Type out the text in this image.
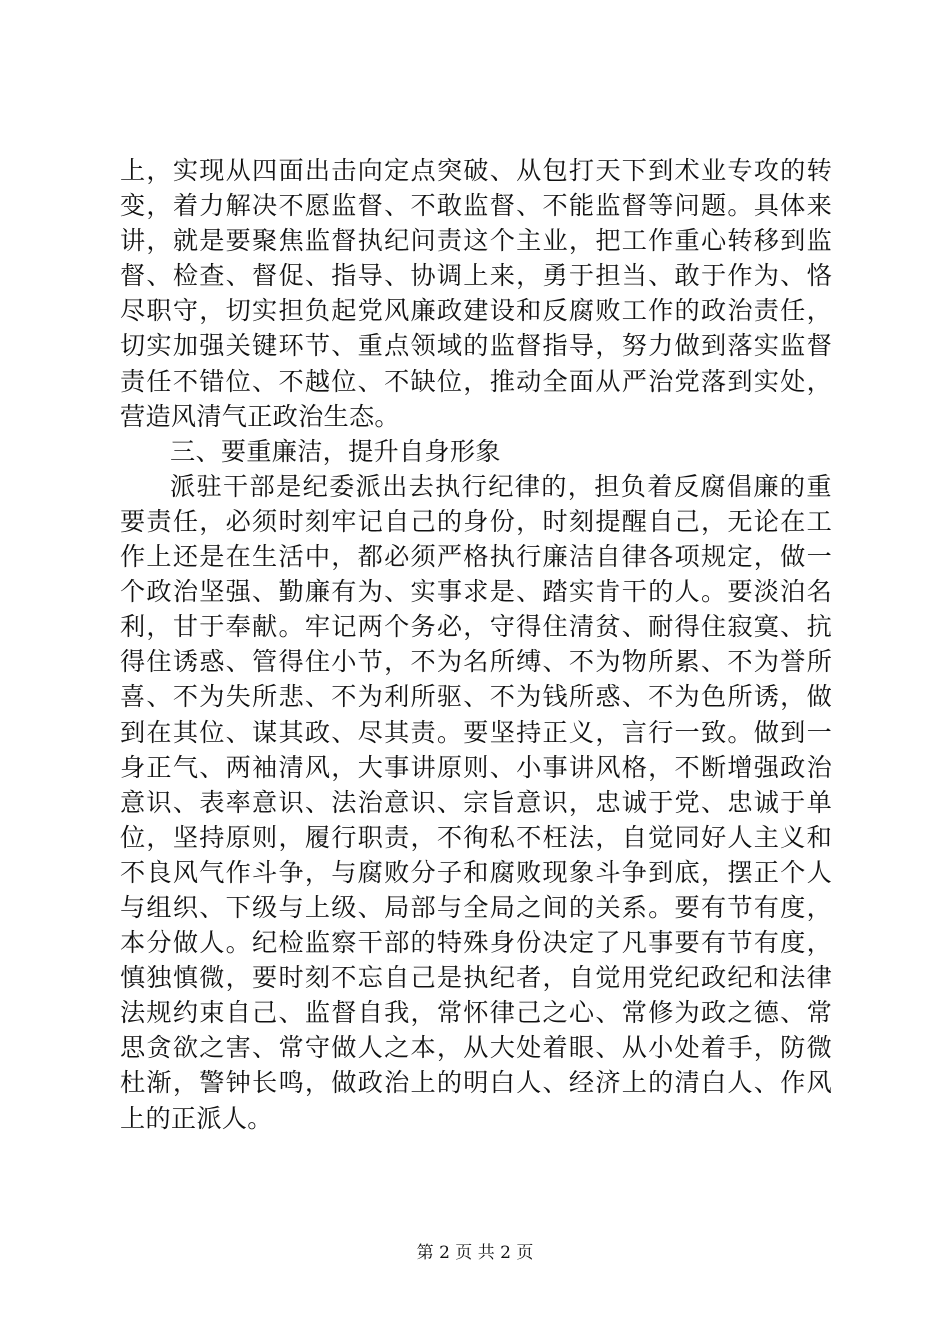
上 ， 实 现 从 四 面 出 击 向 定 点 突 破 、 从 包 打 天 下 到 术 业 专 攻 的 转
变 ， 着 力 解 决 不 愿 监 督 、 不 敢 监 督 、 不 能 监 督 等 问 题 。 具 体 来
讲 ， 就 是 要 聚 焦 监 督 执 纪 问 责 这 个 主 业 ， 把 工 作 重 心 转 移 到 监
督 、 检 查 、 督 促 、 指 导 、 协 调 上 来 ， 勇 于 担 当 、 敢 于 作 为 、 恪
尽 职 守 ， 切 实 担 负 起 党 风 廉 政 建 设 和 反 腐 败 工 作 的 政 治 责 任 ，
切 实 加 强 关 键 环 节 、 重 点 领 域 的 监 督 指 导 ， 努 力 做 到 落 实 监 督
责 任 不 错 位 、 不 越 位 、 不 缺 位 ， 推 动 全 面 从 严 治 党 落 到 实 处 ，
营造风清气正政治生态。
三、要重廉洁，提升自身形象
派 驻 干 部 是 纪 委 派 出 去 执 行 纪 律 的 ， 担 负 着 反 腐 倡 廉 的 重
要 责 任 ， 必 须 时 刻 牢 记 自 己 的 身 份 ， 时 刻 提 醒 自 己 ， 无 论 在 工
作 上 还 是 在 生 活 中 ， 都 必 须 严 格 执 行 廉 洁 自 律 各 项 规 定 ， 做 一
个 政 治 坚 强 、 勤 廉 有 为 、 实 事 求 是 、 踏 实 肯 干 的 人 。 要 淡 泊 名
利 ， 甘 于 奉 献 。 牢 记 两 个 务 必 ， 守 得 住 清 贫 、 耐 得 住 寂 寞 、 抗
得 住 诱 惑 、 管 得 住 小 节 ， 不 为 名 所 缚 、 不 为 物 所 累 、 不 为 誉 所
喜 、 不 为 失 所 悲 、 不 为 利 所 驱 、 不 为 钱 所 惑 、 不 为 色 所 诱 ， 做
到 在 其 位 、 谋 其 政 、 尽 其 责 。 要 坚 持 正 义 ， 言 行 一 致 。 做 到 一
身 正 气 、 两 袖 清 风 ， 大 事 讲 原 则 、 小 事 讲 风 格 ， 不 断 增 强 政 治
意 识 、 表 率 意 识 、 法 治 意 识 、 宗 旨 意 识 ， 忠 诚 于 党 、 忠 诚 于 单
位 ， 坚 持 原 则 ， 履 行 职 责 ， 不 徇 私 不 枉 法 ， 自 觉 同 好 人 主 义 和
不 良 风 气 作 斗 争 ， 与 腐 败 分 子 和 腐 败 现 象 斗 争 到 底 ， 摆 正 个 人
与 组 织 、 下 级 与 上 级 、 局 部 与 全 局 之 间 的 关 系 。 要 有 节 有 度 ，
本 分 做 人 。 纪 检 监 察 干 部 的 特 殊 身 份 决 定 了 凡 事 要 有 节 有 度 ，
慎 独 慎 微 ， 要 时 刻 不 忘 自 己 是 执 纪 者 ， 自 觉 用 党 纪 政 纪 和 法 律
法 规 约 束 自 己 、 监 督 自 我 ， 常 怀 律 己 之 心 、 常 修 为 政 之 德 、 常
思 贪 欲 之 害 、 常 守 做 人 之 本 ， 从 大 处 着 眼 、 从 小 处 着 手 ， 防 微
杜 渐 ， 警 钟 长 鸣 ， 做 政 治 上 的 明 白 人 、 经 济 上 的 清 白 人 、 作 风
上的正派人。
第 2 页 共 2 页
